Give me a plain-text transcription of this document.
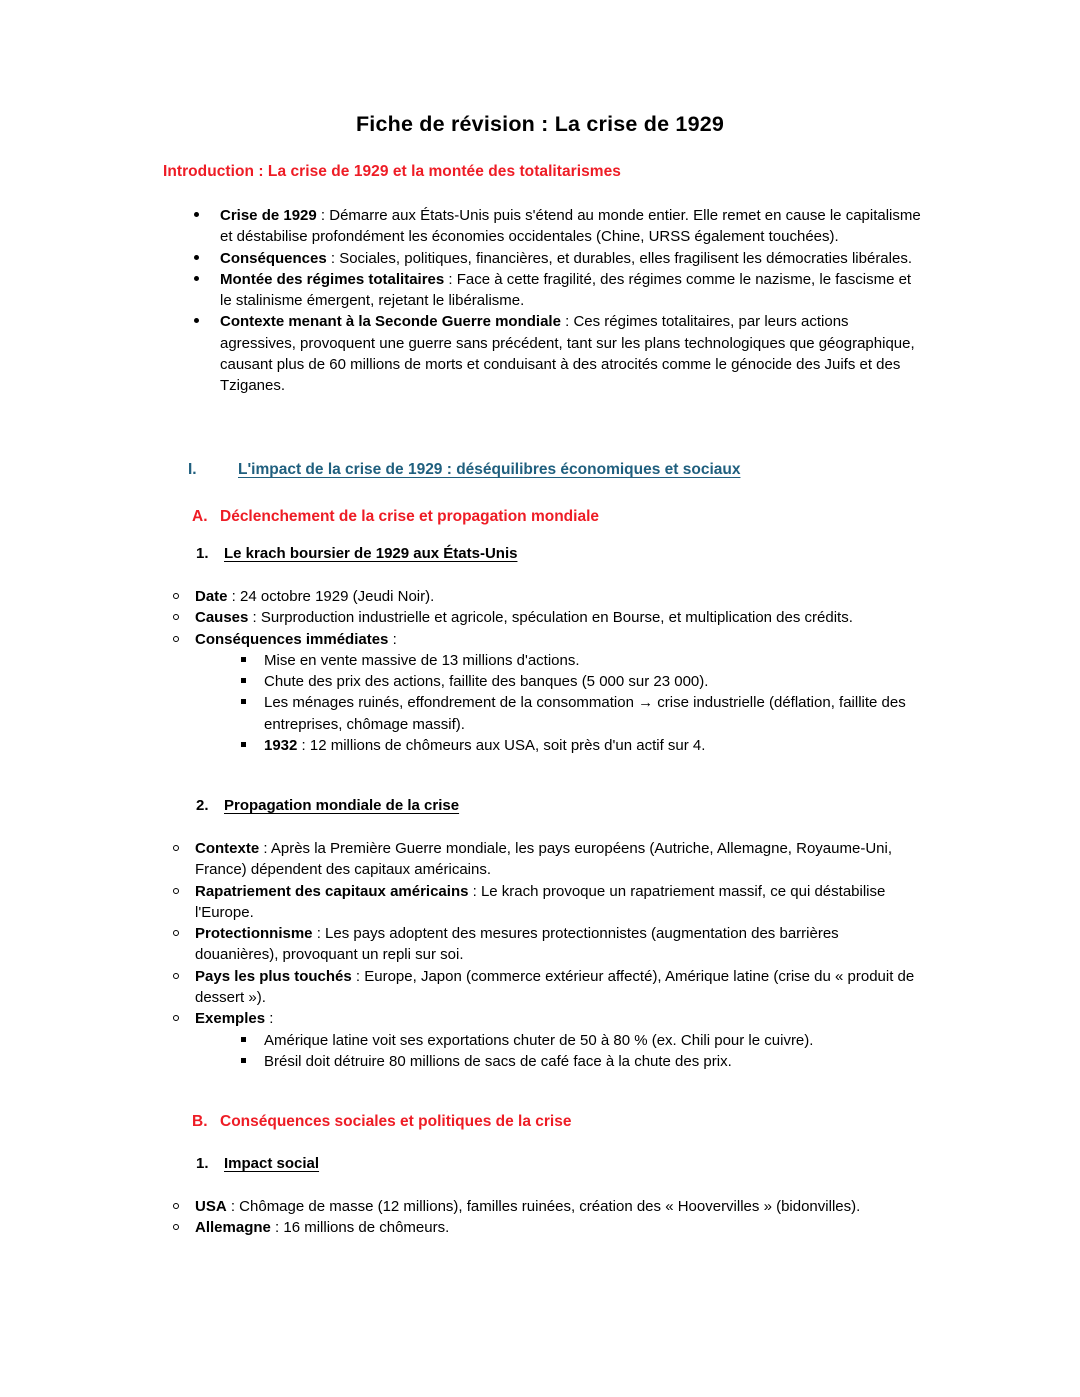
Fiche de révision : La crise de 1929
Introduction : La crise de 1929 et la montée des totalitarismes
Crise de 1929 : Démarre aux États-Unis puis s'étend au monde entier. Elle remet en cause le capitalisme et déstabilise profondément les économies occidentales (Chine, URSS également touchées).
Conséquences : Sociales, politiques, financières, et durables, elles fragilisent les démocraties libérales.
Montée des régimes totalitaires : Face à cette fragilité, des régimes comme le nazisme, le fascisme et le stalinisme émergent, rejetant le libéralisme.
Contexte menant à la Seconde Guerre mondiale : Ces régimes totalitaires, par leurs actions agressives, provoquent une guerre sans précédent, tant sur les plans technologiques que géographique, causant plus de 60 millions de morts et conduisant à des atrocités comme le génocide des Juifs et des Tziganes.
I.	L'impact de la crise de 1929 : déséquilibres économiques et sociaux
A. Déclenchement de la crise et propagation mondiale
1.	Le krach boursier de 1929 aux États-Unis
Date : 24 octobre 1929 (Jeudi Noir).
Causes : Surproduction industrielle et agricole, spéculation en Bourse, et multiplication des crédits.
Conséquences immédiates :
Mise en vente massive de 13 millions d'actions.
Chute des prix des actions, faillite des banques (5 000 sur 23 000).
Les ménages ruinés, effondrement de la consommation → crise industrielle (déflation, faillite des entreprises, chômage massif).
1932 : 12 millions de chômeurs aux USA, soit près d'un actif sur 4.
2.	Propagation mondiale de la crise
Contexte : Après la Première Guerre mondiale, les pays européens (Autriche, Allemagne, Royaume-Uni, France) dépendent des capitaux américains.
Rapatriement des capitaux américains : Le krach provoque un rapatriement massif, ce qui déstabilise l'Europe.
Protectionnisme : Les pays adoptent des mesures protectionnistes (augmentation des barrières douanières), provoquant un repli sur soi.
Pays les plus touchés : Europe, Japon (commerce extérieur affecté), Amérique latine (crise du « produit de dessert »).
Exemples :
Amérique latine voit ses exportations chuter de 50 à 80 % (ex. Chili pour le cuivre).
Brésil doit détruire 80 millions de sacs de café face à la chute des prix.
B. Conséquences sociales et politiques de la crise
1.	Impact social
USA : Chômage de masse (12 millions), familles ruinées, création des « Hoovervilles » (bidonvilles).
Allemagne : 16 millions de chômeurs.
